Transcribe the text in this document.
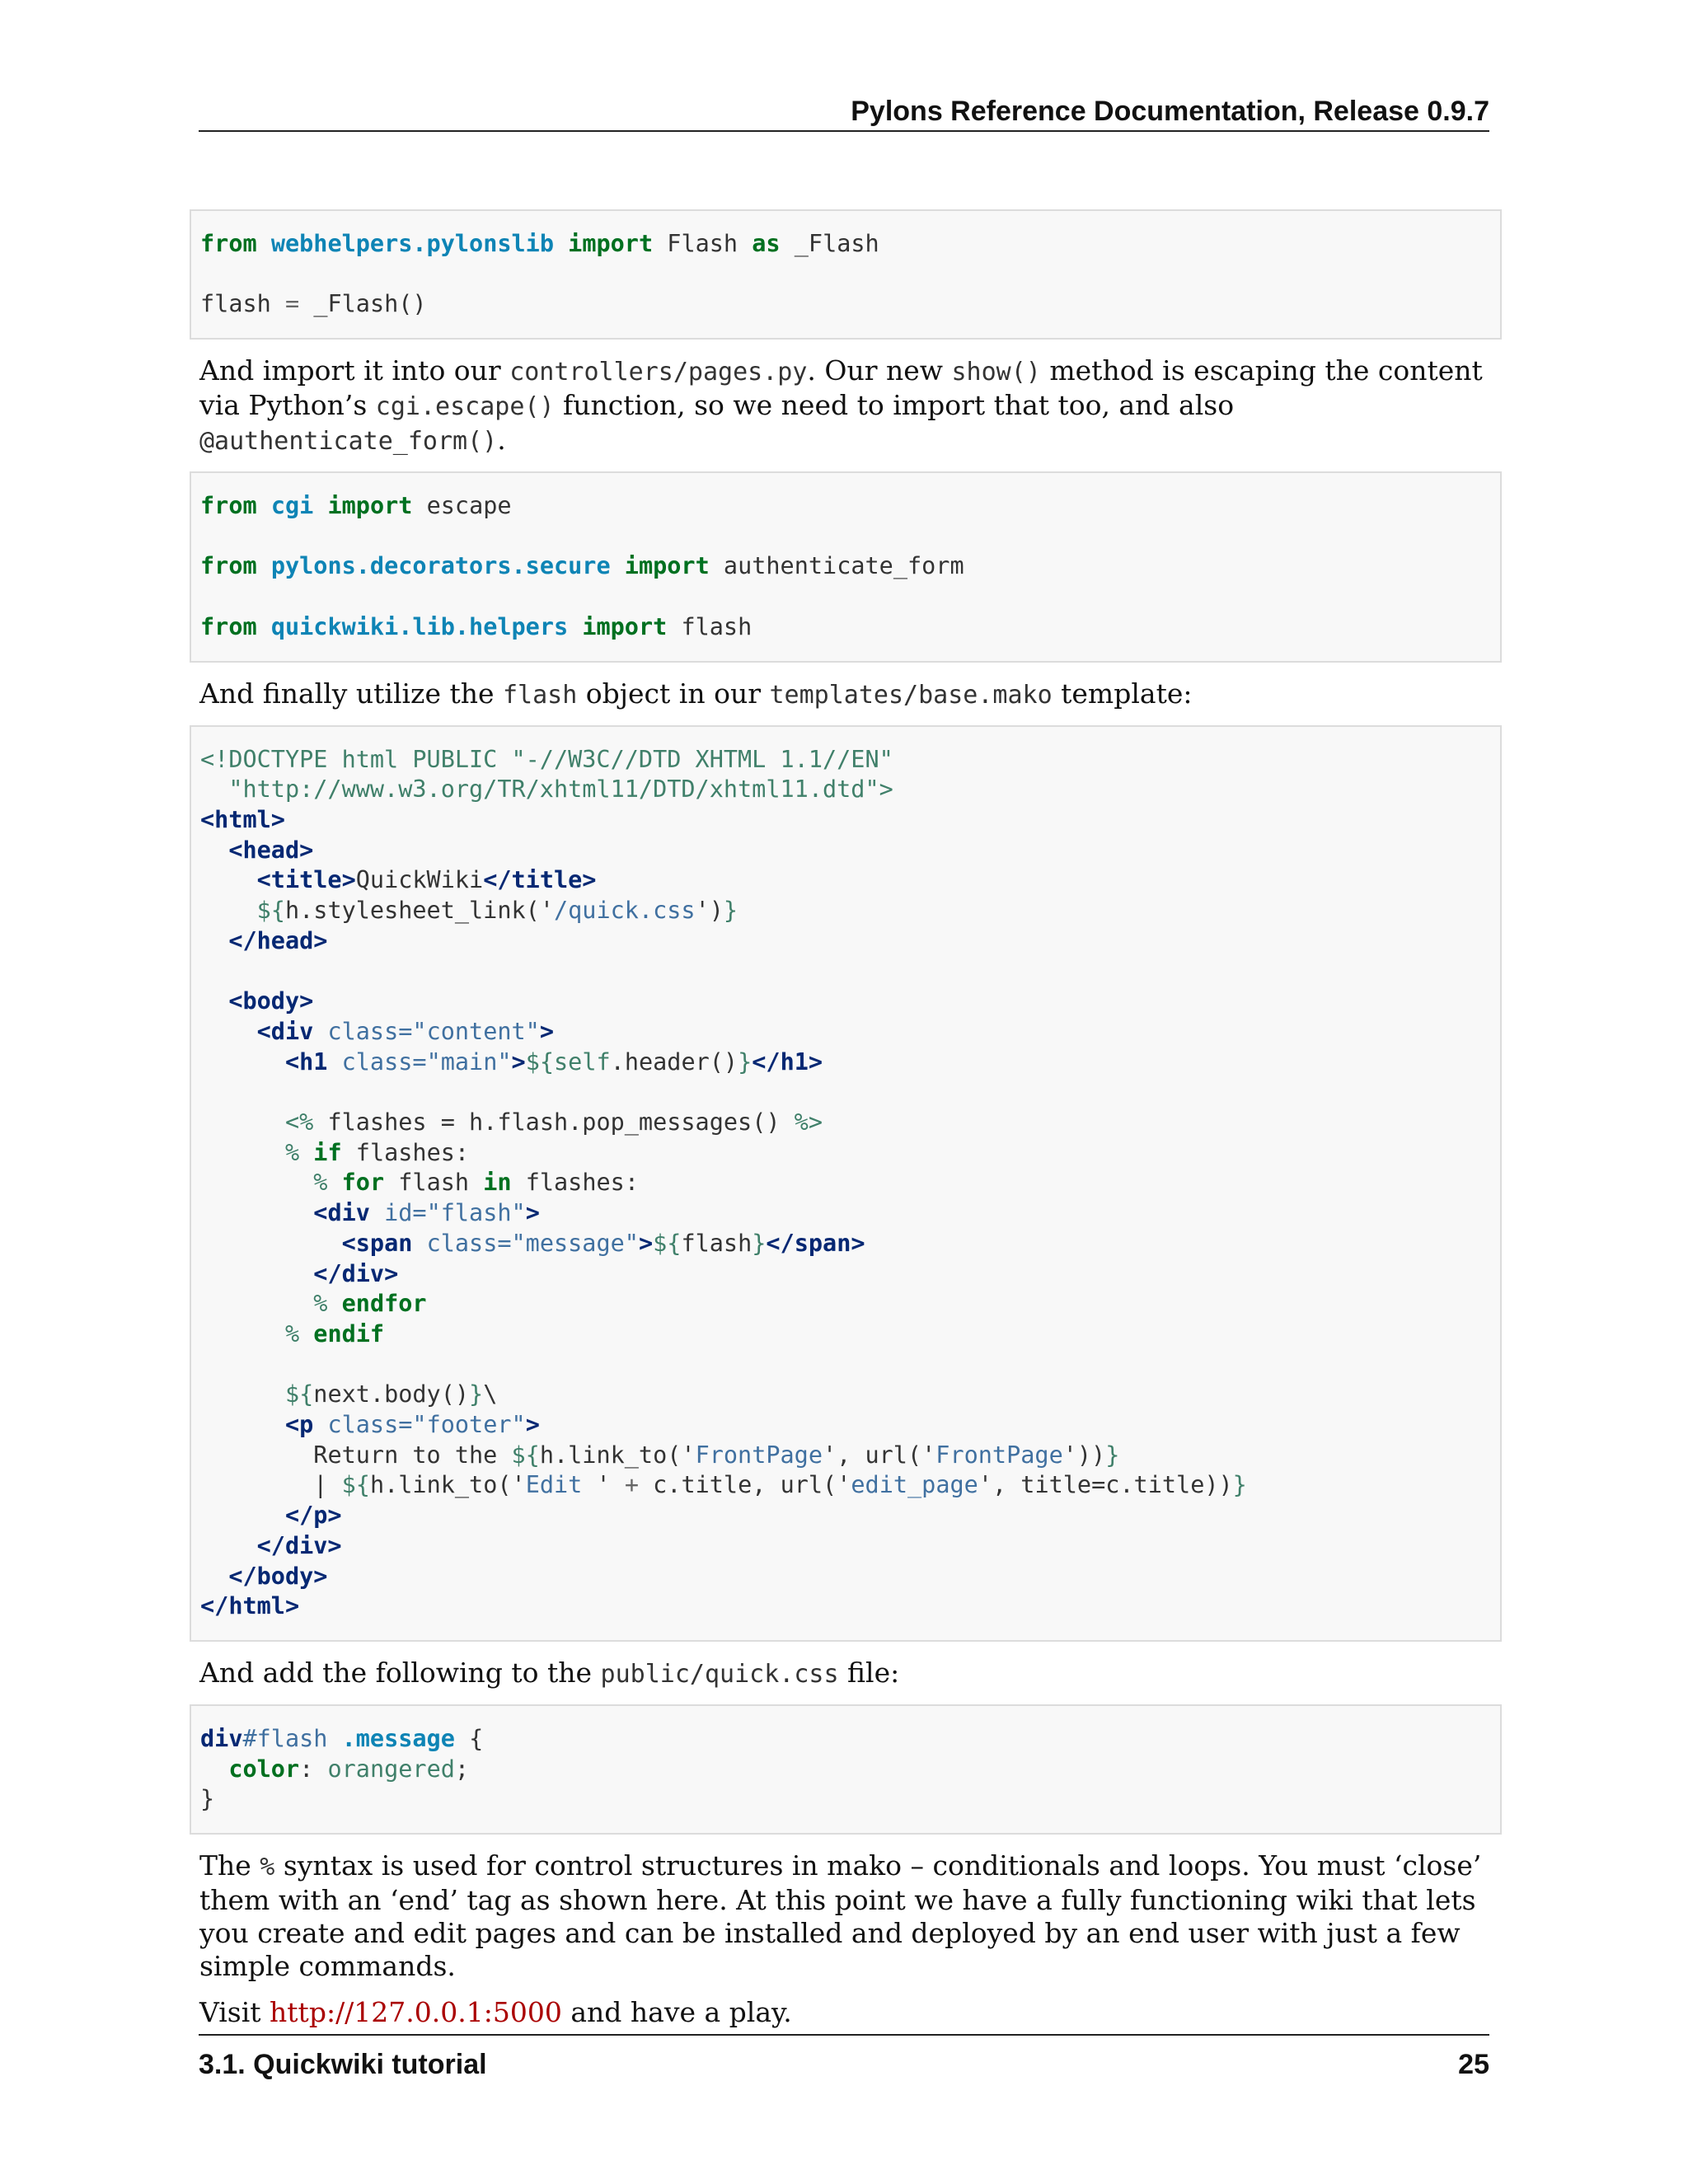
Pylons Reference Documentation, Release 0.9.7
from webhelpers.pylonslib import Flash as _Flash
flash = _Flash()

And import it into our controllers/pages.py. Our new show() method is escaping the content via Python’s cgi.escape() function, so we need to import that too, and also @authenticate_form().

from cgi import escape
from pylons.decorators.secure import authenticate_form
from quickwiki.lib.helpers import flash

And finally utilize the flash object in our templates/base.mako template:

<!DOCTYPE html PUBLIC "-//W3C//DTD XHTML 1.1//EN"
"http://www.w3.org/TR/xhtml11/DTD/xhtml11.dtd">
<html>
<head>
<title>QuickWiki</title>
${h.stylesheet_link('/quick.css')}
</head>
<body>
<div class="content">
<h1 class="main">${self.header()}</h1>
<% flashes = h.flash.pop_messages() %>
% if flashes:
% for flash in flashes:
<div id="flash">
<span class="message">${flash}</span>
</div>
% endfor
% endif
${next.body()}\
<p class="footer">
Return to the ${h.link_to('FrontPage', url('FrontPage'))}
| ${h.link_to('Edit ' + c.title, url('edit_page', title=c.title))}
</p>
</div>
</body>
</html>

And add the following to the public/quick.css file:

div#flash .message {
color: orangered;
}

The % syntax is used for control structures in mako – conditionals and loops. You must ‘close’ them with an ‘end’ tag as shown here. At this point we have a fully functioning wiki that lets you create and edit pages and can be installed and deployed by an end user with just a few simple commands.

Visit http://127.0.0.1:5000 and have a play.

3.1. Quickwiki tutorial	25
